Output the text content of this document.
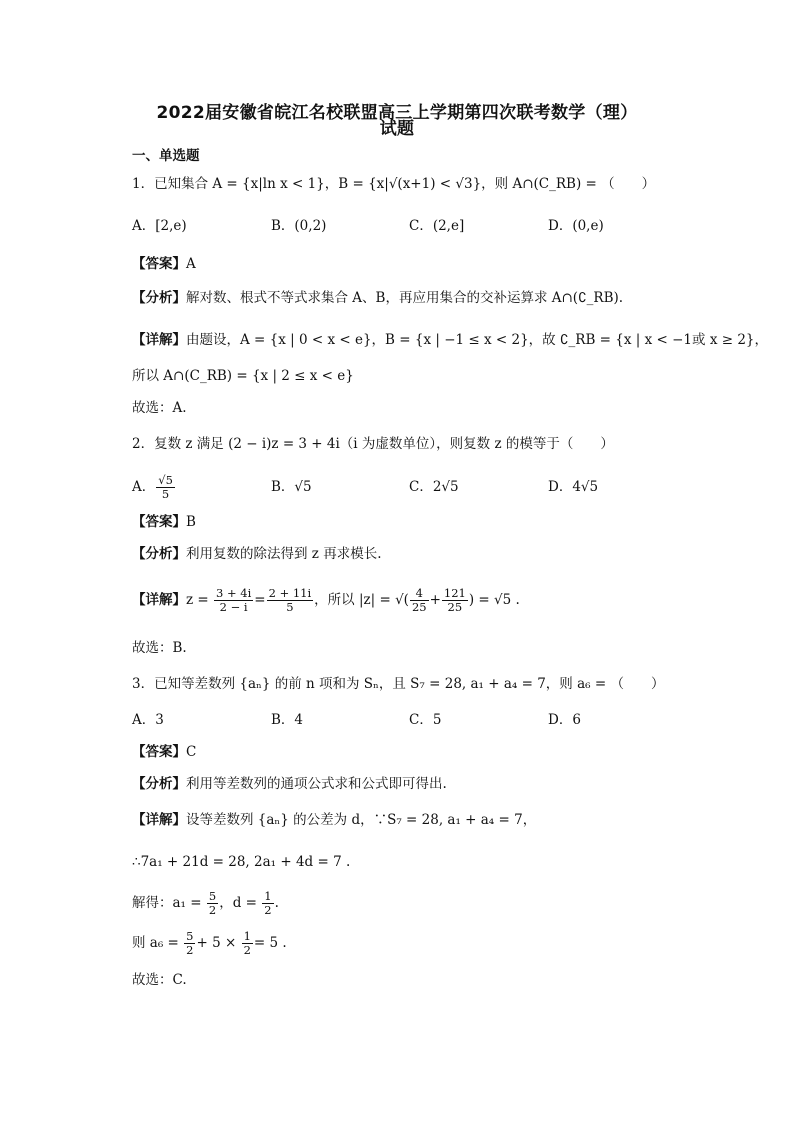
2022届安徽省皖江名校联盟高三上学期第四次联考数学（理）
试题
一、单选题
1．已知集合 A = {x|ln x < 1}，B = {x|√(x+1) < √3}，则 A∩(C_RB) = （　　）
A．[2,e)	B．(0,2)	C．(2,e]	D．(0,e)
【答案】A
【分析】解对数、根式不等式求集合 A、B，再应用集合的交补运算求 A∩(∁_RB).
【详解】由题设，A = {x | 0 < x < e}，B = {x | −1 ≤ x < 2}，故 ∁_RB = {x | x < −1或 x ≥ 2}，
所以 A∩(C_RB) = {x | 2 ≤ x < e}
故选：A.
2．复数 z 满足 (2 − i)z = 3 + 4i（i 为虚数单位），则复数 z 的模等于（　　）
A． $\frac{√5}{5}$	B．√5	C．2√5	D．4√5
【答案】B
【分析】利用复数的除法得到 z 再求模长.
【详解】$z = \frac{3 + 4i}{2 - i} = \frac{2 + 11i}{5}$ ，所以 |z| = √( $\frac{4}{25} + \frac{121}{25}$ ) = √5 .
故选：B.
3．已知等差数列 {aₙ} 的前 n 项和为 Sₙ，且 S₇ = 28, a₁ + a₄ = 7，则 a₆ = （　　）
A．3	B．4	C．5	D．6
【答案】C
【分析】利用等差数列的通项公式求和公式即可得出.
【详解】设等差数列 {aₙ} 的公差为 d，∵S₇ = 28, a₁ + a₄ = 7，
∴7a₁ + 21d = 28, 2a₁ + 4d = 7 .
解得：$a_1 = \frac{5}{2}$ ，$d = \frac{1}{2}$ .
则 $a_6 = \frac{5}{2} + 5 \times \frac{1}{2} = 5$ .
故选：C.
